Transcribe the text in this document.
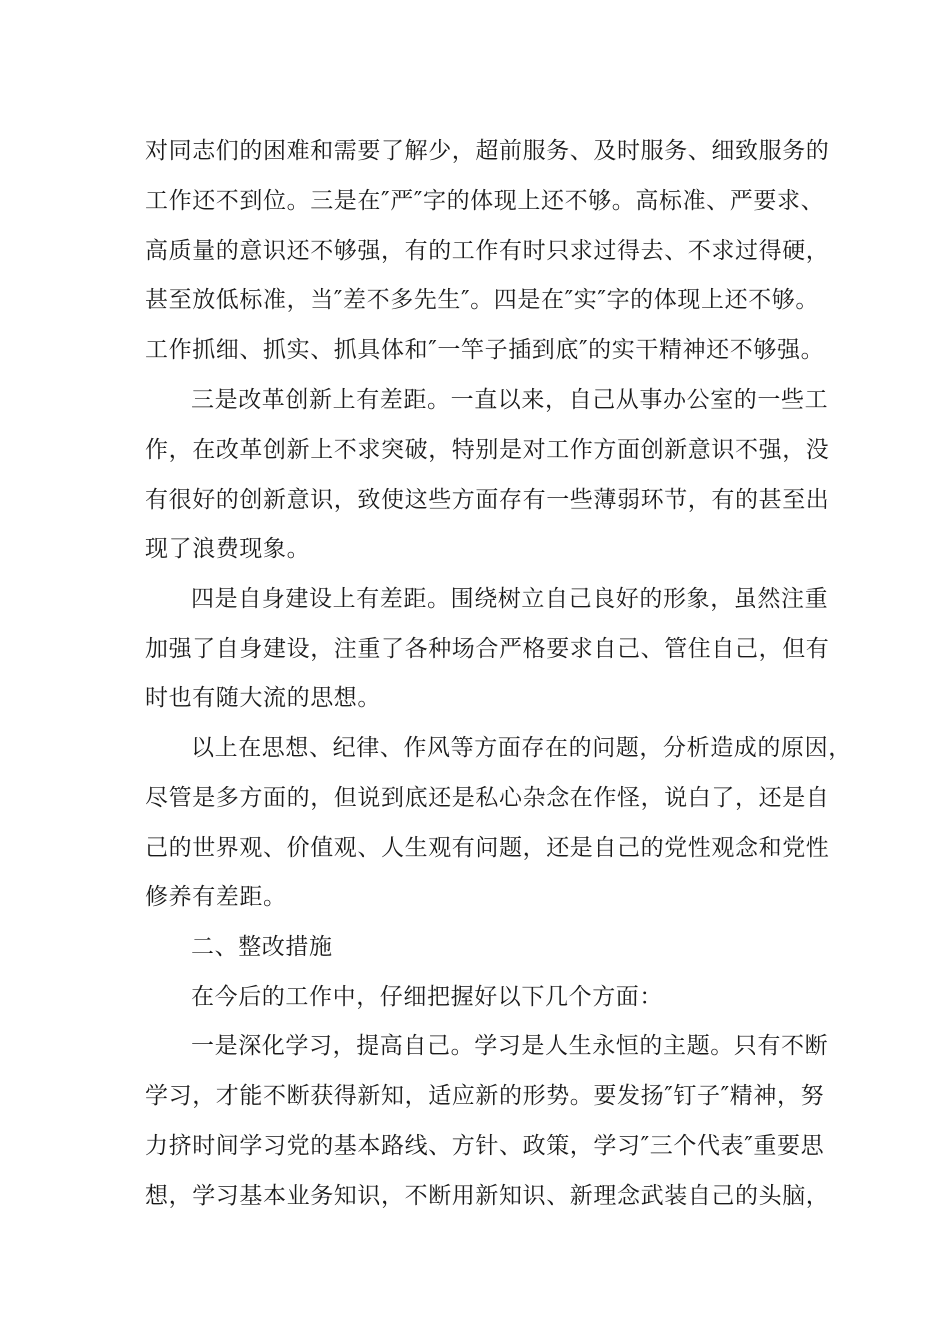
对同志们的困难和需要了解少，超前服务、及时服务、细致服务的
工作还不到位。三是在″严″字的体现上还不够。高标准、严要求、
高质量的意识还不够强，有的工作有时只求过得去、不求过得硬，
甚至放低标准，当″差不多先生″。四是在″实″字的体现上还不够。
工作抓细、抓实、抓具体和″一竿子插到底″的实干精神还不够强。
三是改革创新上有差距。一直以来，自己从事办公室的一些工
作，在改革创新上不求突破，特别是对工作方面创新意识不强，没
有很好的创新意识，致使这些方面存有一些薄弱环节，有的甚至出
现了浪费现象。
四是自身建设上有差距。围绕树立自己良好的形象，虽然注重
加强了自身建设，注重了各种场合严格要求自己、管住自己，但有
时也有随大流的思想。
以上在思想、纪律、作风等方面存在的问题，分析造成的原因，
尽管是多方面的，但说到底还是私心杂念在作怪，说白了，还是自
己的世界观、价值观、人生观有问题，还是自己的党性观念和党性
修养有差距。
二、整改措施
在今后的工作中，仔细把握好以下几个方面：
一是深化学习，提高自己。学习是人生永恒的主题。只有不断
学习，才能不断获得新知，适应新的形势。要发扬″钉子″精神，努
力挤时间学习党的基本路线、方针、政策，学习″三个代表″重要思
想，学习基本业务知识，不断用新知识、新理念武装自己的头脑，
